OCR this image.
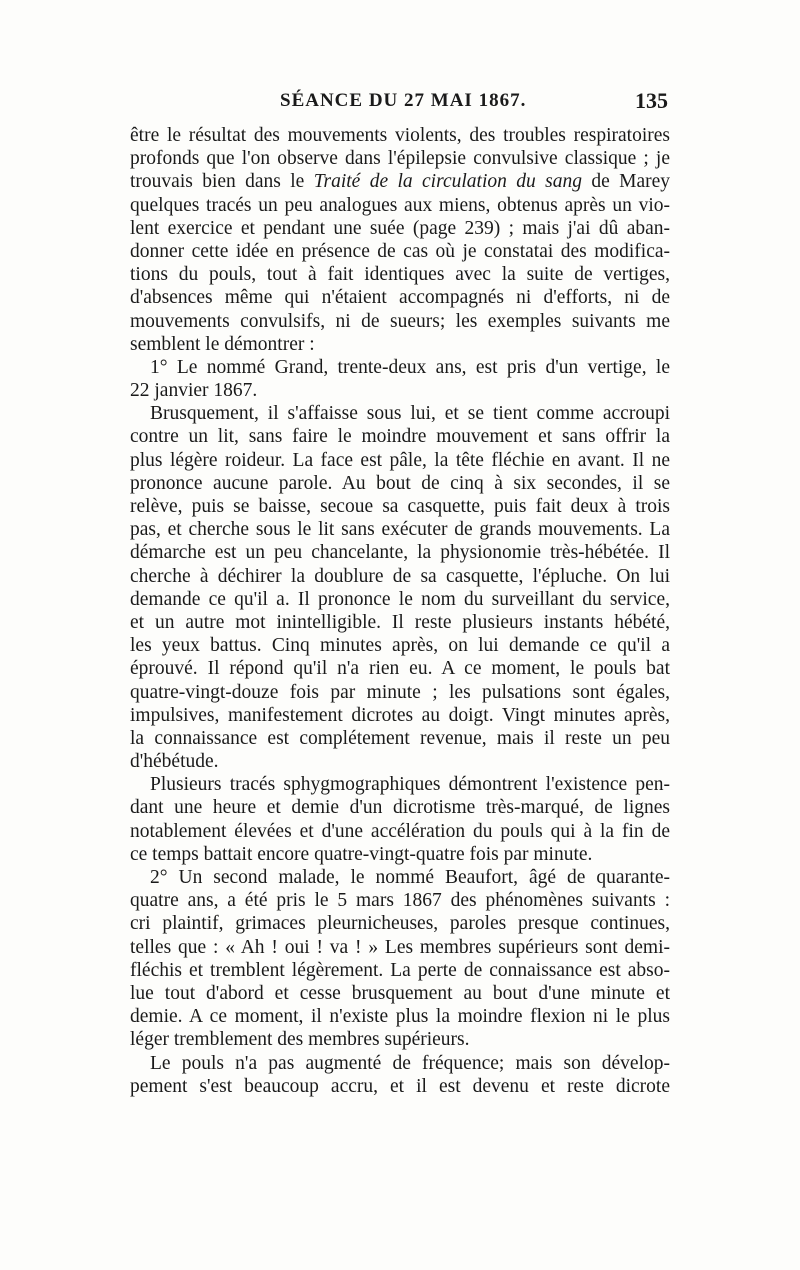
SÉANCE DU 27 MAI 1867.	135
être le résultat des mouvements violents, des troubles respiratoires
profonds que l'on observe dans l'épilepsie convulsive classique ; je
trouvais bien dans le Traité de la circulation du sang de Marey
quelques tracés un peu analogues aux miens, obtenus après un vio-
lent exercice et pendant une suée (page 239) ; mais j'ai dû aban-
donner cette idée en présence de cas où je constatai des modifica-
tions du pouls, tout à fait identiques avec la suite de vertiges,
d'absences même qui n'étaient accompagnés ni d'efforts, ni de
mouvements convulsifs, ni de sueurs; les exemples suivants me
semblent le démontrer :
1° Le nommé Grand, trente-deux ans, est pris d'un vertige, le
22 janvier 1867.
Brusquement, il s'affaisse sous lui, et se tient comme accroupi
contre un lit, sans faire le moindre mouvement et sans offrir la
plus légère roideur. La face est pâle, la tête fléchie en avant. Il ne
prononce aucune parole. Au bout de cinq à six secondes, il se
relève, puis se baisse, secoue sa casquette, puis fait deux à trois
pas, et cherche sous le lit sans exécuter de grands mouvements. La
démarche est un peu chancelante, la physionomie très-hébétée. Il
cherche à déchirer la doublure de sa casquette, l'épluche. On lui
demande ce qu'il a. Il prononce le nom du surveillant du service,
et un autre mot inintelligible. Il reste plusieurs instants hébété,
les yeux battus. Cinq minutes après, on lui demande ce qu'il a
éprouvé. Il répond qu'il n'a rien eu. A ce moment, le pouls bat
quatre-vingt-douze fois par minute ; les pulsations sont égales,
impulsives, manifestement dicrotes au doigt. Vingt minutes après,
la connaissance est complétement revenue, mais il reste un peu
d'hébétude.
Plusieurs tracés sphygmographiques démontrent l'existence pen-
dant une heure et demie d'un dicrotisme très-marqué, de lignes
notablement élevées et d'une accélération du pouls qui à la fin de
ce temps battait encore quatre-vingt-quatre fois par minute.
2° Un second malade, le nommé Beaufort, âgé de quarante-
quatre ans, a été pris le 5 mars 1867 des phénomènes suivants :
cri plaintif, grimaces pleurnicheuses, paroles presque continues,
telles que : « Ah ! oui ! va ! » Les membres supérieurs sont demi-
fléchis et tremblent légèrement. La perte de connaissance est abso-
lue tout d'abord et cesse brusquement au bout d'une minute et
demie. A ce moment, il n'existe plus la moindre flexion ni le plus
léger tremblement des membres supérieurs.
Le pouls n'a pas augmenté de fréquence; mais son dévelop-
pement s'est beaucoup accru, et il est devenu et reste dicrote
